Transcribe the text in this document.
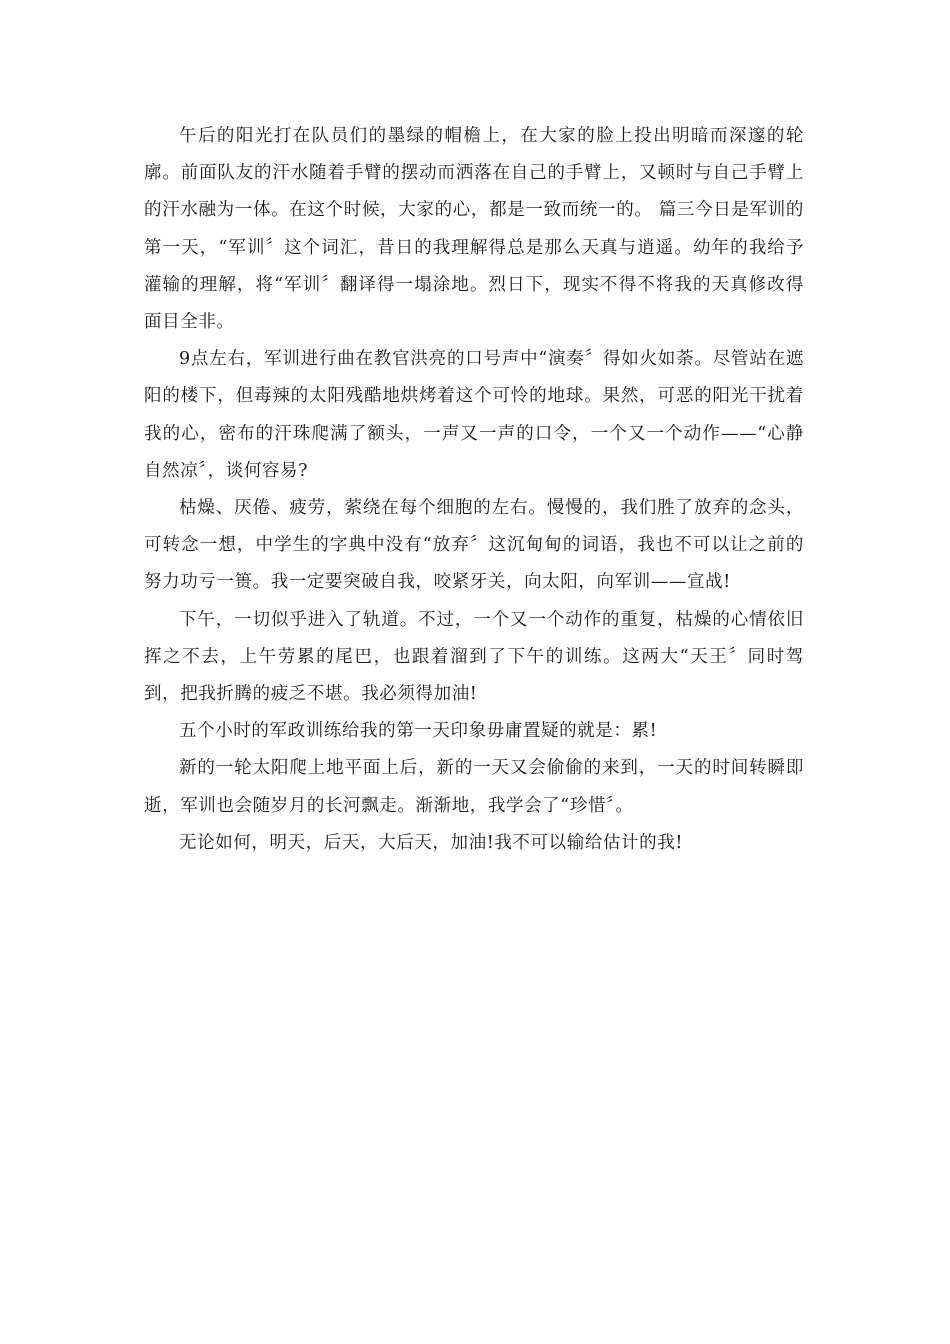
午后的阳光打在队员们的墨绿的帽檐上，在大家的脸上投出明暗而深邃的轮廓。前面队友的汗水随着手臂的摆动而洒落在自己的手臂上，又顿时与自己手臂上的汗水融为一体。在这个时候，大家的心，都是一致而统一的。 篇三今日是军训的第一天，“军训〞这个词汇，昔日的我理解得总是那么天真与逍遥。幼年的我给予灌输的理解，将“军训〞翻译得一塌涂地。烈日下，现实不得不将我的天真修改得面目全非。

9点左右，军训进行曲在教官洪亮的口号声中“演奏〞得如火如荼。尽管站在遮阳的楼下，但毒辣的太阳残酷地烘烤着这个可怜的地球。果然，可恶的阳光干扰着我的心，密布的汗珠爬满了额头，一声又一声的口令，一个又一个动作——“心静自然凉〞，谈何容易?

枯燥、厌倦、疲劳，萦绕在每个细胞的左右。慢慢的，我们胜了放弃的念头，可转念一想，中学生的字典中没有“放弃〞这沉甸甸的词语，我也不可以让之前的努力功亏一篑。我一定要突破自我，咬紧牙关，向太阳，向军训——宣战!

下午，一切似乎进入了轨道。不过，一个又一个动作的重复，枯燥的心情依旧挥之不去，上午劳累的尾巴，也跟着溜到了下午的训练。这两大“天王〞同时驾到，把我折腾的疲乏不堪。我必须得加油!

五个小时的军政训练给我的第一天印象毋庸置疑的就是：累!

新的一轮太阳爬上地平面上后，新的一天又会偷偷的来到，一天的时间转瞬即逝，军训也会随岁月的长河飘走。渐渐地，我学会了“珍惜〞。

无论如何，明天，后天，大后天，加油!我不可以输给估计的我!
